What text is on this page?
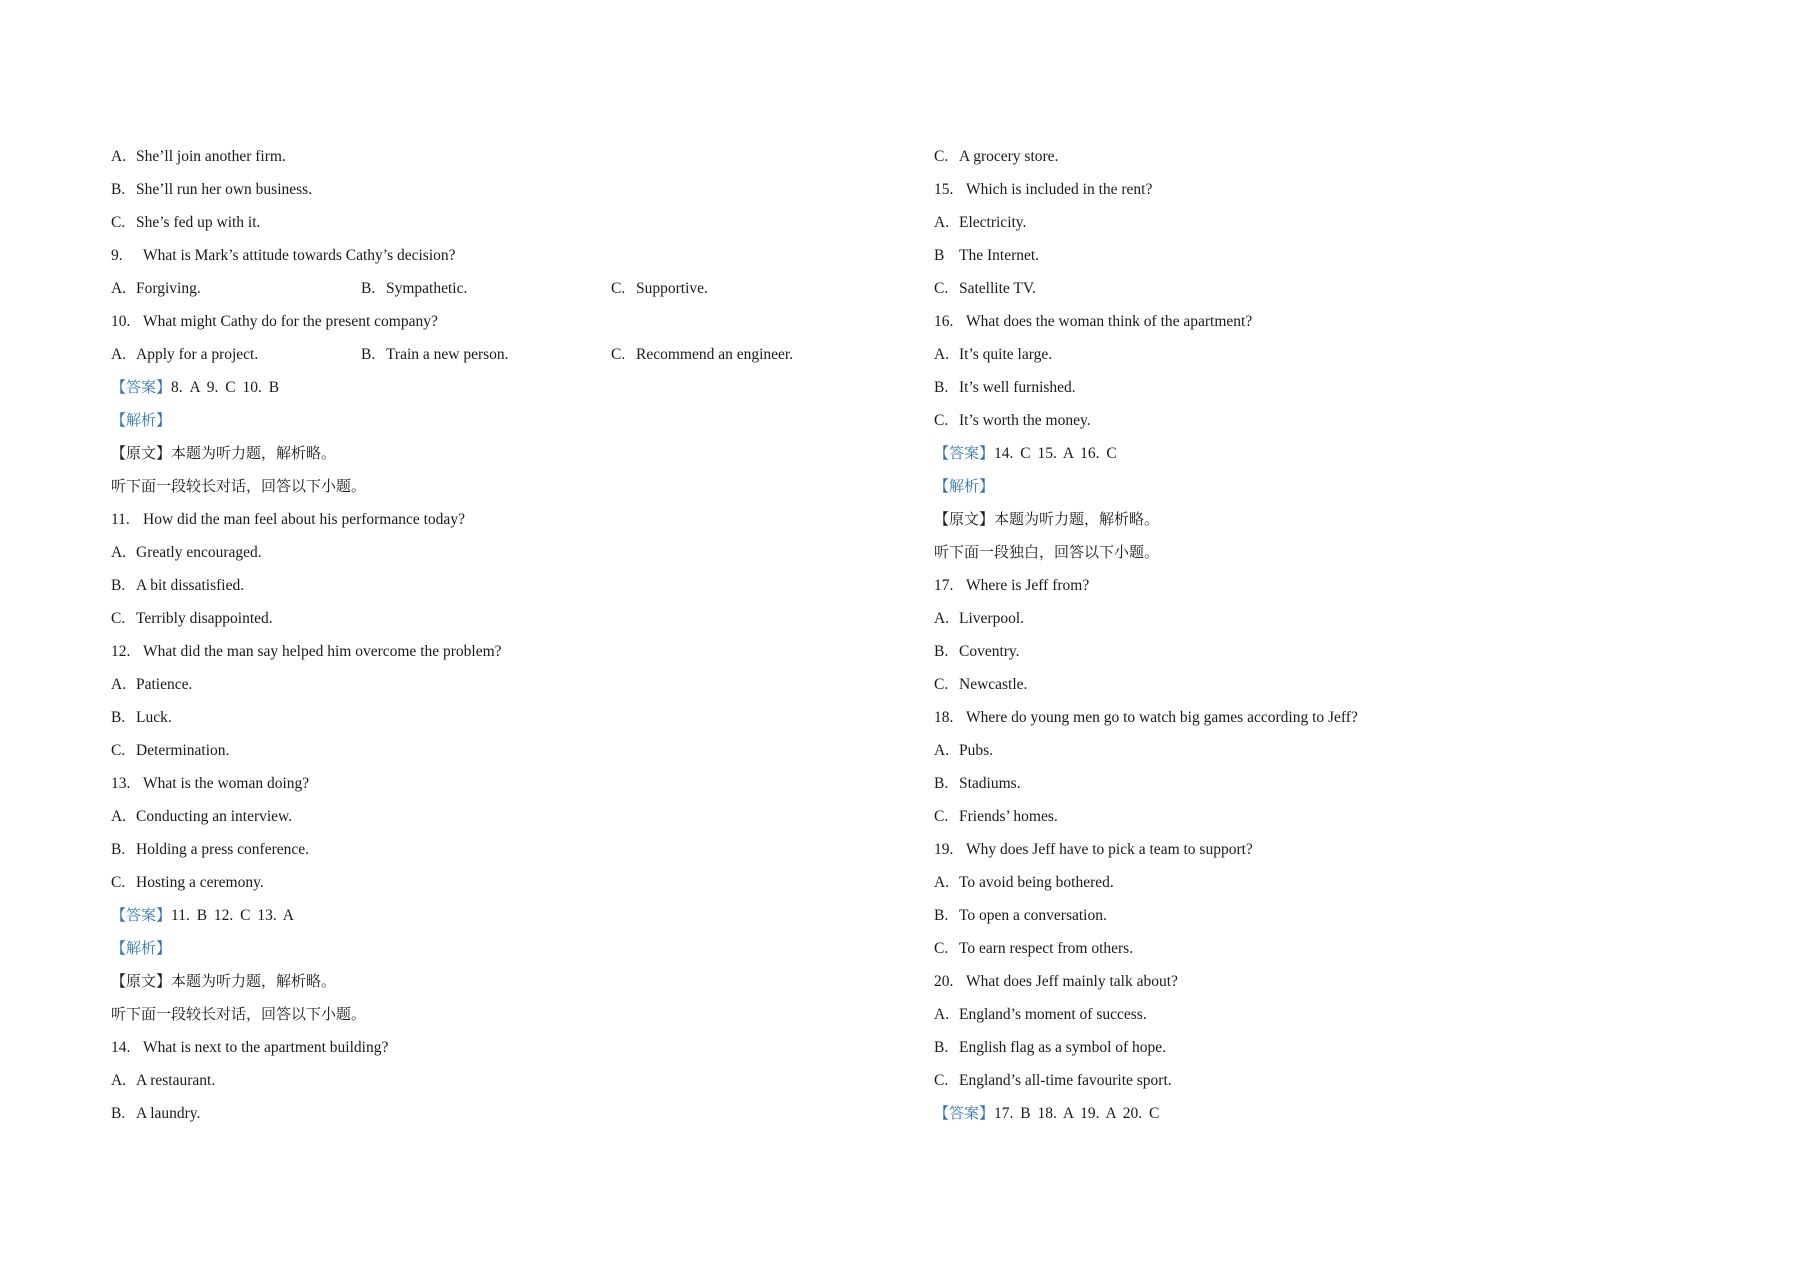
A. She’ll join another firm.
B. She’ll run her own business.
C. She’s fed up with it.
9. What is Mark’s attitude towards Cathy’s decision?
A. Forgiving.	B. Sympathetic.	C. Supportive.
10. What might Cathy do for the present company?
A. Apply for a project.	B. Train a new person.	C. Recommend an engineer.
【答案】8. A 9. C 10. B
【解析】
【原文】本题为听力题，解析略。
听下面一段较长对话，回答以下小题。
11. How did the man feel about his performance today?
A. Greatly encouraged.
B. A bit dissatisfied.
C. Terribly disappointed.
12. What did the man say helped him overcome the problem?
A. Patience.
B. Luck.
C. Determination.
13. What is the woman doing?
A. Conducting an interview.
B. Holding a press conference.
C. Hosting a ceremony.
【答案】11. B 12. C 13. A
【解析】
【原文】本题为听力题，解析略。
听下面一段较长对话，回答以下小题。
14. What is next to the apartment building?
A. A restaurant.
B. A laundry.
C. A grocery store.
15. Which is included in the rent?
A. Electricity.
B The Internet.
C. Satellite TV.
16. What does the woman think of the apartment?
A. It’s quite large.
B. It’s well furnished.
C. It’s worth the money.
【答案】14. C 15. A 16. C
【解析】
【原文】本题为听力题，解析略。
听下面一段独白，回答以下小题。
17. Where is Jeff from?
A. Liverpool.
B. Coventry.
C. Newcastle.
18. Where do young men go to watch big games according to Jeff?
A. Pubs.
B. Stadiums.
C. Friends’ homes.
19. Why does Jeff have to pick a team to support?
A. To avoid being bothered.
B. To open a conversation.
C. To earn respect from others.
20. What does Jeff mainly talk about?
A. England’s moment of success.
B. English flag as a symbol of hope.
C. England’s all-time favourite sport.
【答案】17. B 18. A 19. A 20. C
